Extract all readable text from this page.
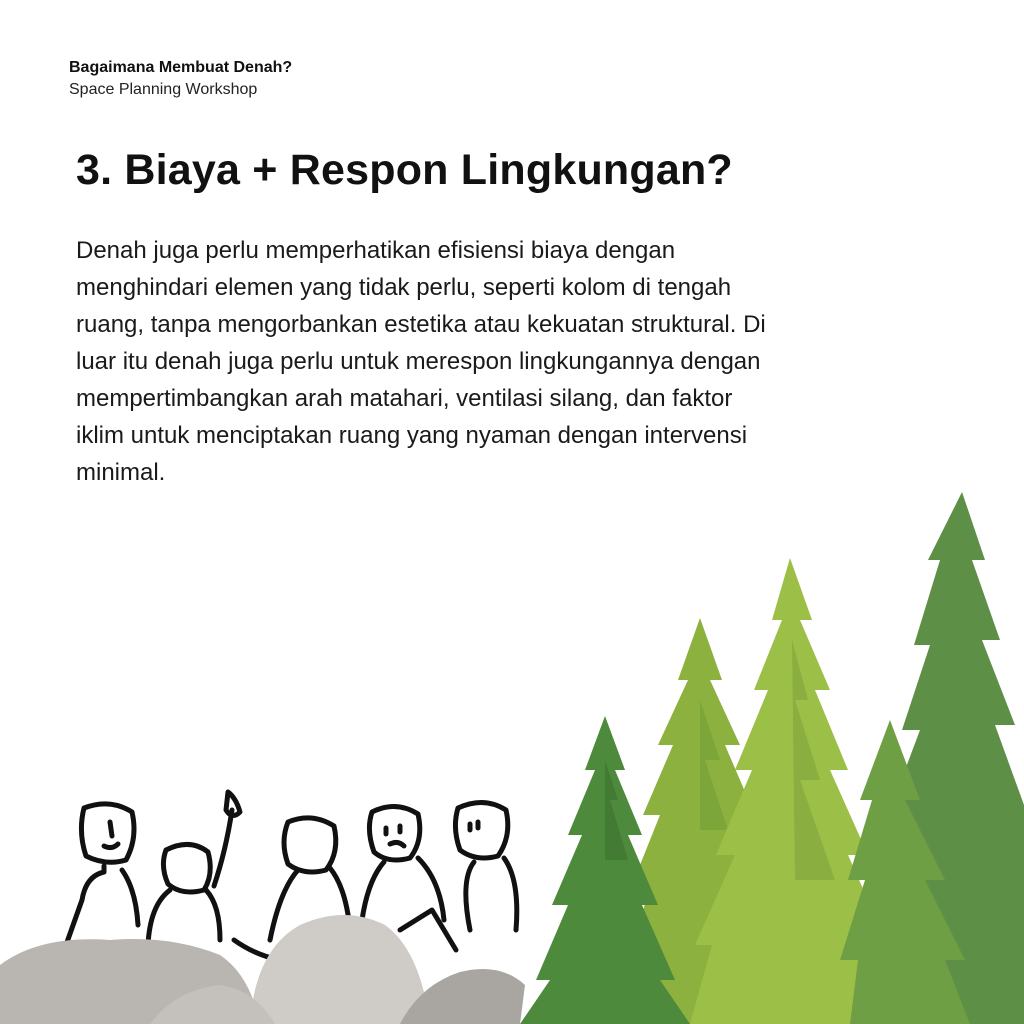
Bagaimana Membuat Denah?
Space Planning Workshop
3. Biaya + Respon Lingkungan?

Denah juga perlu memperhatikan efisiensi biaya dengan menghindari elemen yang tidak perlu, seperti kolom di tengah ruang, tanpa mengorbankan estetika atau kekuatan struktural. Di luar itu denah juga perlu untuk merespon lingkungannya dengan mempertimbangkan arah matahari, ventilasi silang, dan faktor iklim untuk menciptakan ruang yang nyaman dengan intervensi minimal.
